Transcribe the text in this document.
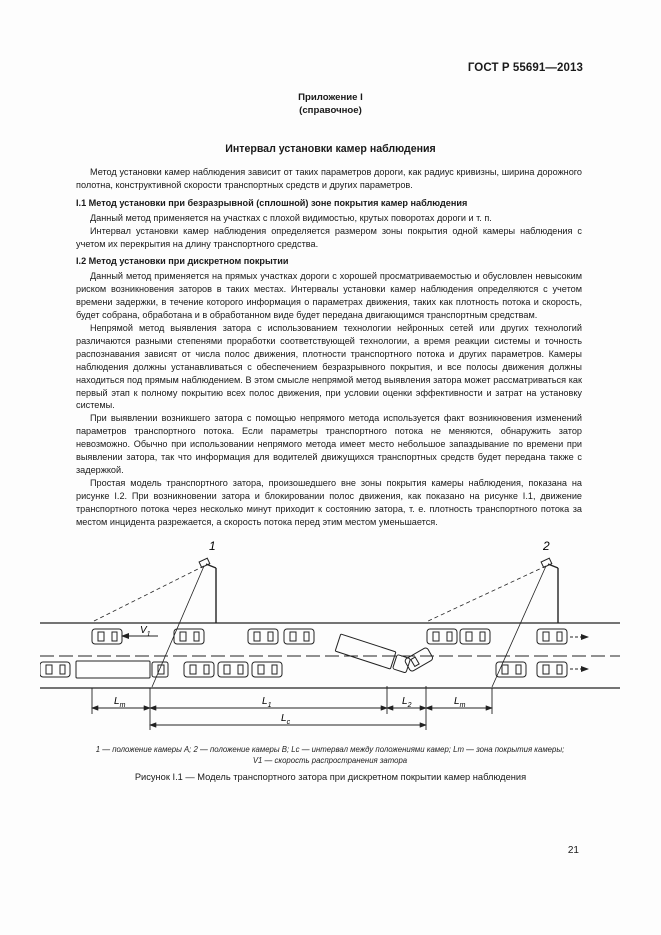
ГОСТ Р 55691—2013
Приложение I
(справочное)
Интервал установки камер наблюдения

Метод установки камер наблюдения зависит от таких параметров дороги, как радиус кривизны, ширина дорожного полотна, конструктивной скорости транспортных средств и других параметров.

I.1 Метод установки при безразрывной (сплошной) зоне покрытия камер наблюдения

Данный метод применяется на участках с плохой видимостью, крутых поворотах дороги и т. п.

Интервал установки камер наблюдения определяется размером зоны покрытия одной камеры наблюдения с учетом их перекрытия на длину транспортного средства.

I.2 Метод установки при дискретном покрытии

Данный метод применяется на прямых участках дороги с хорошей просматриваемостью и обусловлен невысоким риском возникновения заторов в таких местах. Интервалы установки камер наблюдения определяются с учетом времени задержки, в течение которого информация о параметрах движения, таких как плотность потока и скорость, будет собрана, обработана и в обработанном виде будет передана двигающимся транспортным средствам.

Непрямой метод выявления затора с использованием технологии нейронных сетей или других технологий различаются разными степенями проработки соответствующей технологии, а время реакции системы и точность распознавания зависят от числа полос движения, плотности транспортного потока и других параметров. Камеры наблюдения должны устанавливаться с обеспечением безразрывного покрытия, и все полосы движения должны находиться под прямым наблюдением. В этом смысле непрямой метод выявления затора может рассматриваться как первый этап к полному покрытию всех полос движения, при условии оценки эффективности и затрат на установку системы.

При выявлении возникшего затора с помощью непрямого метода используется факт возникновения изменений параметров транспортного потока. Если параметры транспортного потока не меняются, обнаружить затор невозможно. Обычно при использовании непрямого метода имеет место небольшое запаздывание по времени при выявлении затора, так что информация для водителей движущихся транспортных средств будет передана также с задержкой.

Простая модель транспортного затора, произошедшего вне зоны покрытия камеры наблюдения, показана на рисунке I.2. При возникновении затора и блокировании полос движения, как показано на рисунке I.1, движение транспортного потока через несколько минут приходит к состоянию затора, т. е. плотность транспортного потока за местом инцидента разрежается, а скорость потока перед этим местом уменьшается.

1	2
$V_1$
$L_m$	$L_1$	$L_2$	$L_m$
$L_c$
1 — положение камеры A; 2 — положение камеры B; Lc — интервал между положениями камер; Lm — зона покрытия камеры;
V1 — скорость распространения затора
Рисунок I.1 — Модель транспортного затора при дискретном покрытии камер наблюдения
21
